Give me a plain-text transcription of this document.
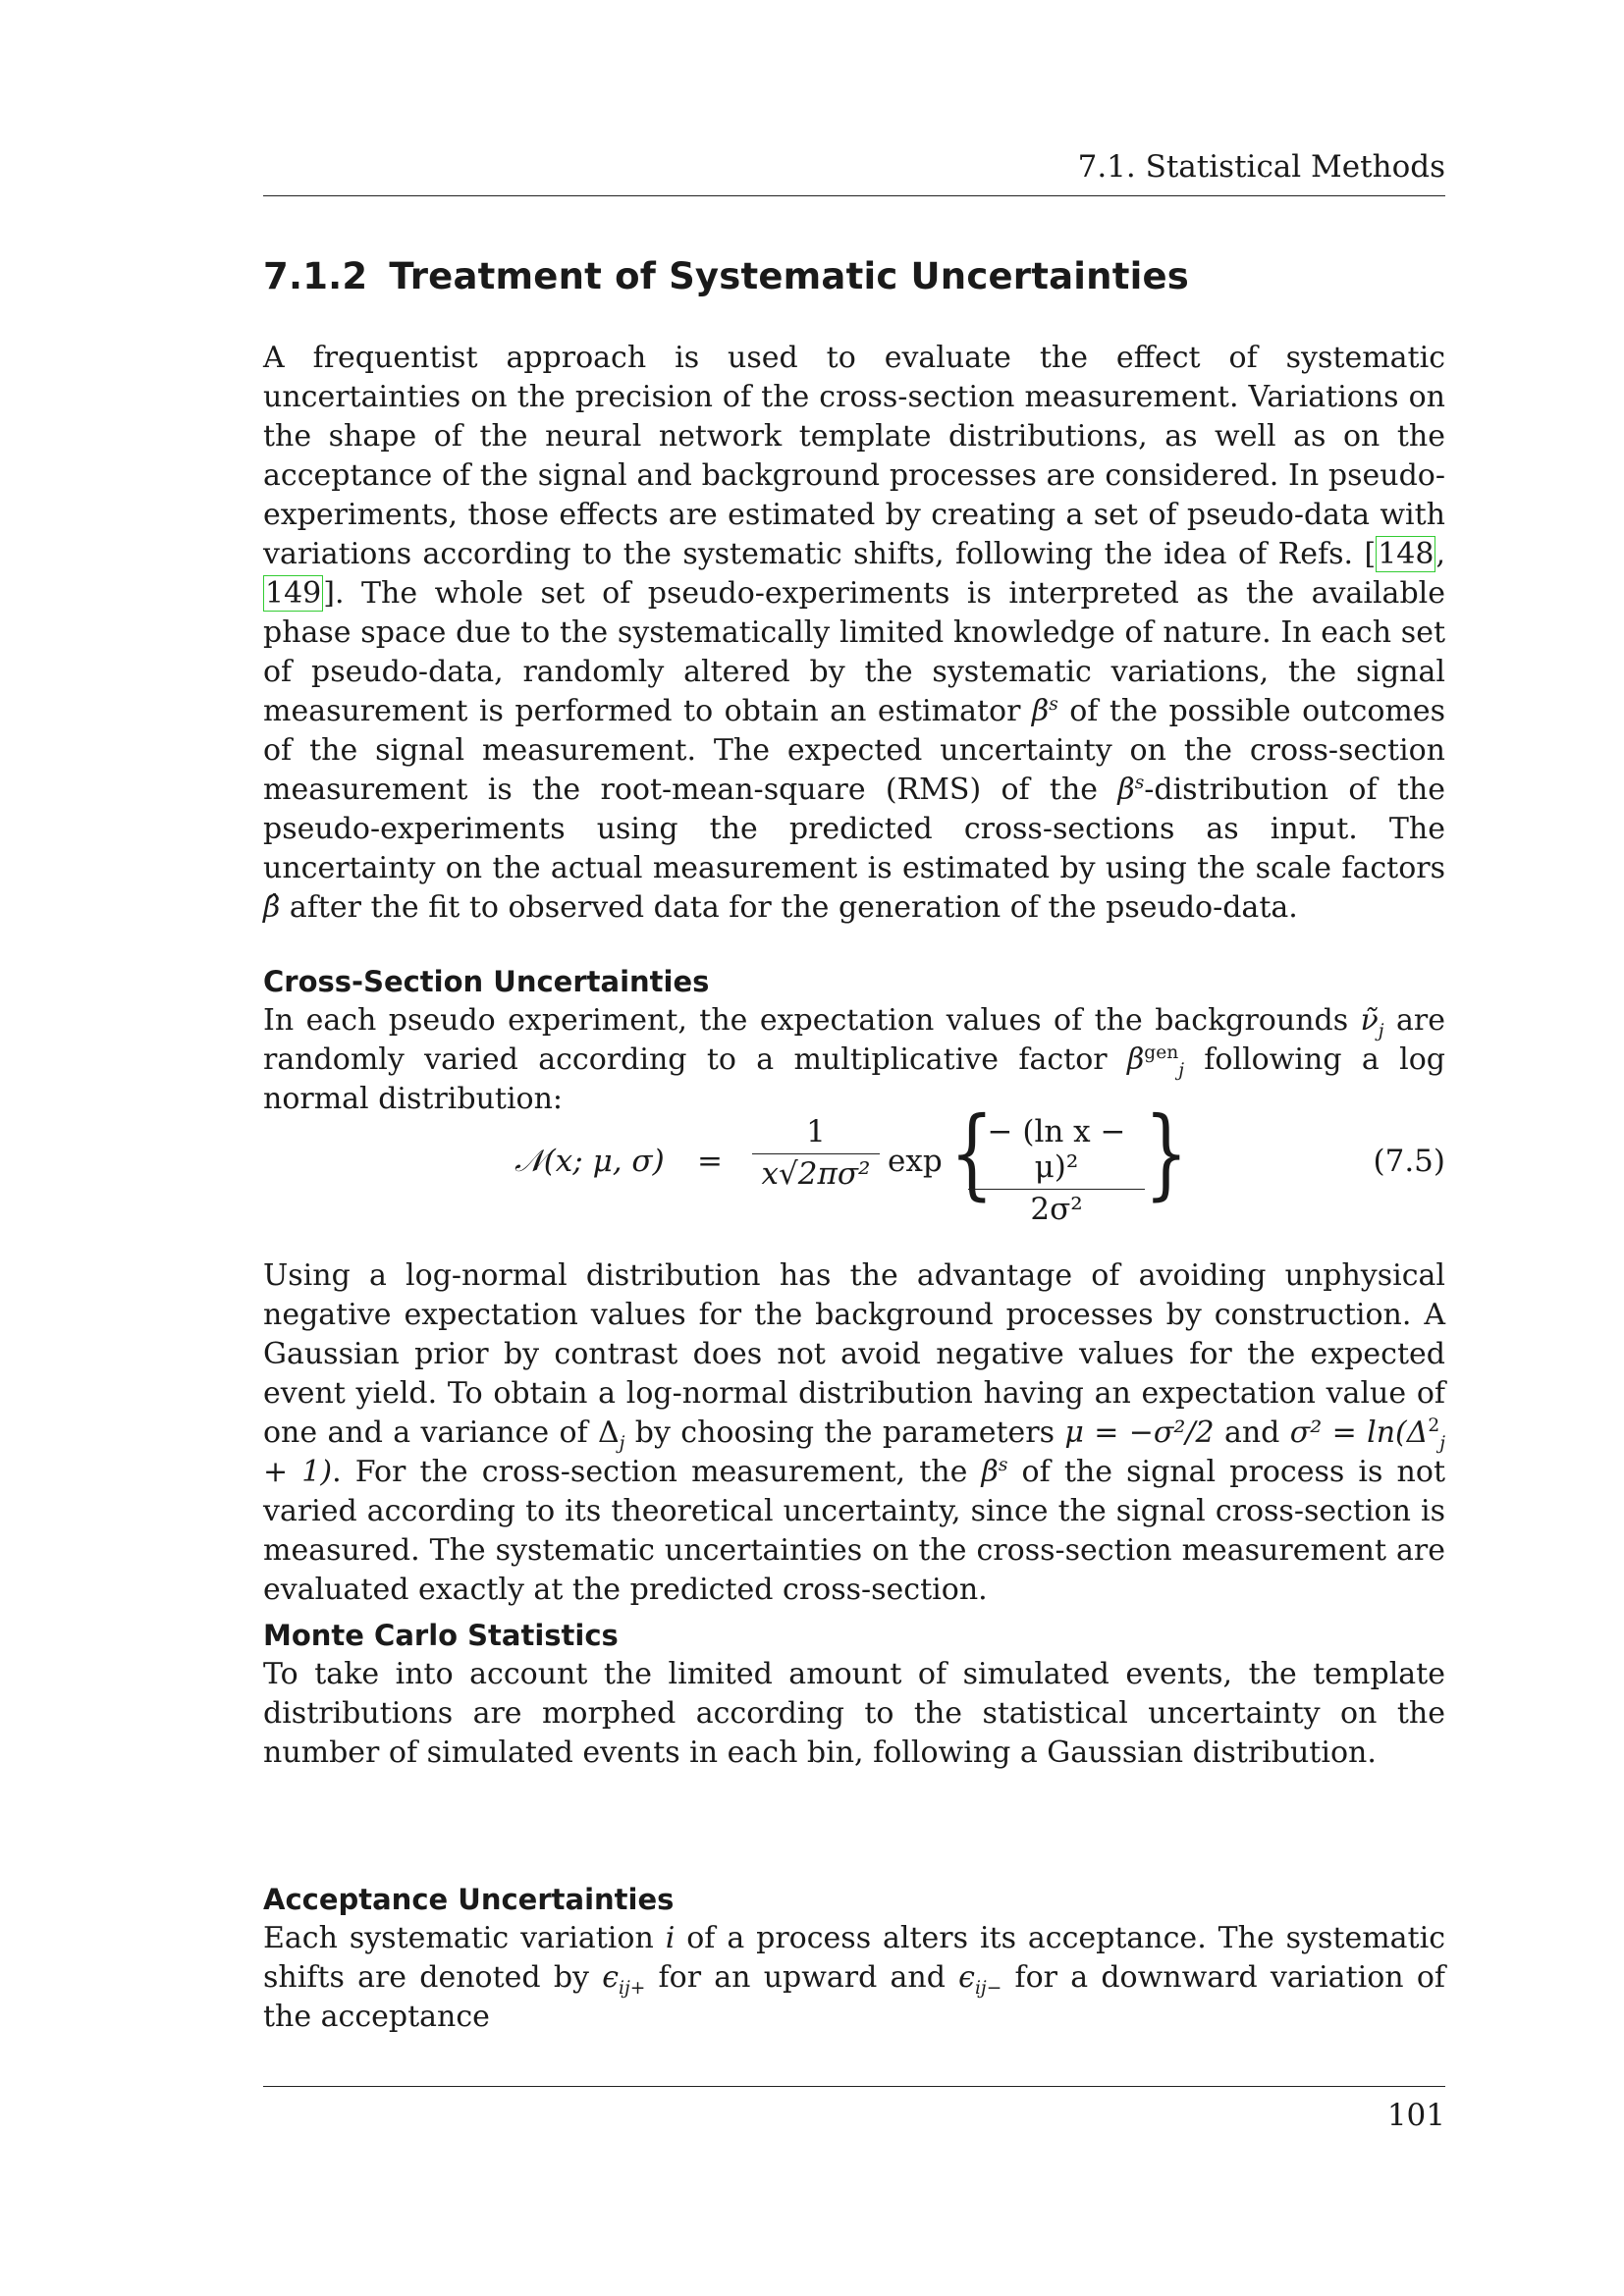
7.1. Statistical Methods
7.1.2 Treatment of Systematic Uncertainties

A frequentist approach is used to evaluate the effect of systematic uncertainties on the precision of the cross-section measurement. Variations on the shape of the neural network template distributions, as well as on the acceptance of the signal and background processes are considered. In pseudo-experiments, those effects are estimated by creating a set of pseudo-data with variations according to the systematic shifts, following the idea of Refs. [148, 149]. The whole set of pseudo-experiments is interpreted as the available phase space due to the systematically limited knowledge of nature. In each set of pseudo-data, randomly altered by the systematic variations, the signal measurement is performed to obtain an estimator $\beta^s$ of the possible outcomes of the signal measurement. The expected uncertainty on the cross-section measurement is the root-mean-square (RMS) of the $\beta^s$-distribution of the pseudo-experiments using the predicted cross-sections as input. The uncertainty on the actual measurement is estimated by using the scale factors β̂ after the fit to observed data for the generation of the pseudo-data.

Cross-Section Uncertainties

In each pseudo experiment, the expectation values of the backgrounds $\nũ_j$ are randomly varied according to a multiplicative factor $\beta^{gen}_j$ following a log normal distribution:

𝒩(x; μ, σ) =
1
x√2πσ² exp {
− (ln x − μ)²
2σ² }	(7.5)

Using a log-normal distribution has the advantage of avoiding unphysical negative expectation values for the background processes by construction. A Gaussian prior by contrast does not avoid negative values for the expected event yield. To obtain a log-normal distribution having an expectation value of one and a variance of $\Delta_j$ by choosing the parameters μ = −σ²/2 and $\sigma^2 = \ln(\Delta^2_j + 1)$. For the cross-section measurement, the $\beta^s$ of the signal process is not varied according to its theoretical uncertainty, since the signal cross-section is measured. The systematic uncertainties on the cross-section measurement are evaluated exactly at the predicted cross-section.

Monte Carlo Statistics

To take into account the limited amount of simulated events, the template distributions are morphed according to the statistical uncertainty on the number of simulated events in each bin, following a Gaussian distribution.

Acceptance Uncertainties

Each systematic variation i of a process alters its acceptance. The systematic shifts are denoted by $\epsilon_{ij+}$ for an upward and $\epsilon_{ij-}$ for a downward variation of the acceptance

101
